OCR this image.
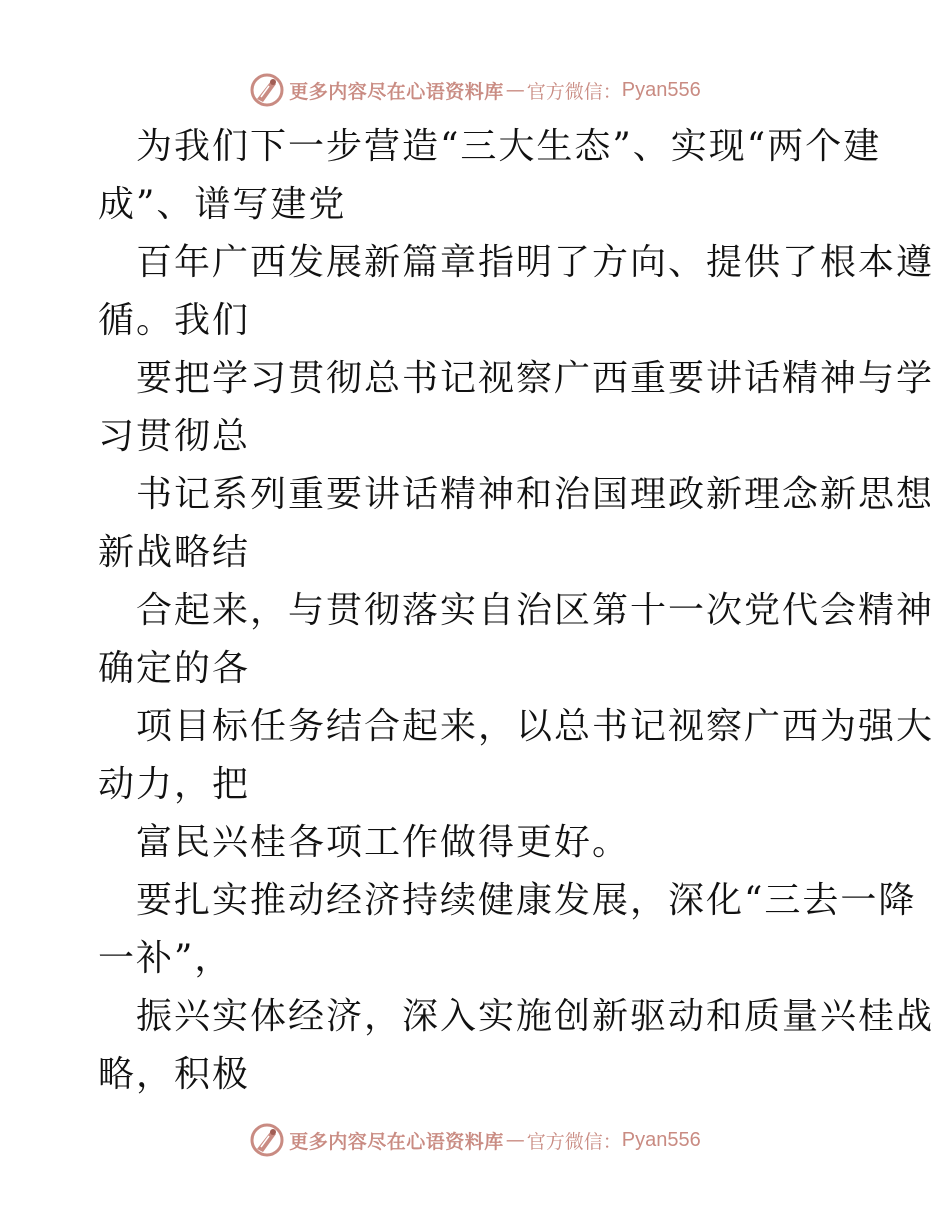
更多内容尽在心语资料库 — 官方微信： Pyan556

为我们下一步营造“三大生态”、实现“两个建
成”、谱写建党

百年广西发展新篇章指明了方向、提供了根本遵
循。我们

要把学习贯彻总书记视察广西重要讲话精神与学
习贯彻总

书记系列重要讲话精神和治国理政新理念新思想
新战略结

合起来，与贯彻落实自治区第十一次党代会精神
确定的各

项目标任务结合起来，以总书记视察广西为强大
动力，把

富民兴桂各项工作做得更好。

要扎实推动经济持续健康发展，深化“三去一降
一补”，

振兴实体经济，深入实施创新驱动和质量兴桂战
略，积极

更多内容尽在心语资料库 — 官方微信： Pyan556
